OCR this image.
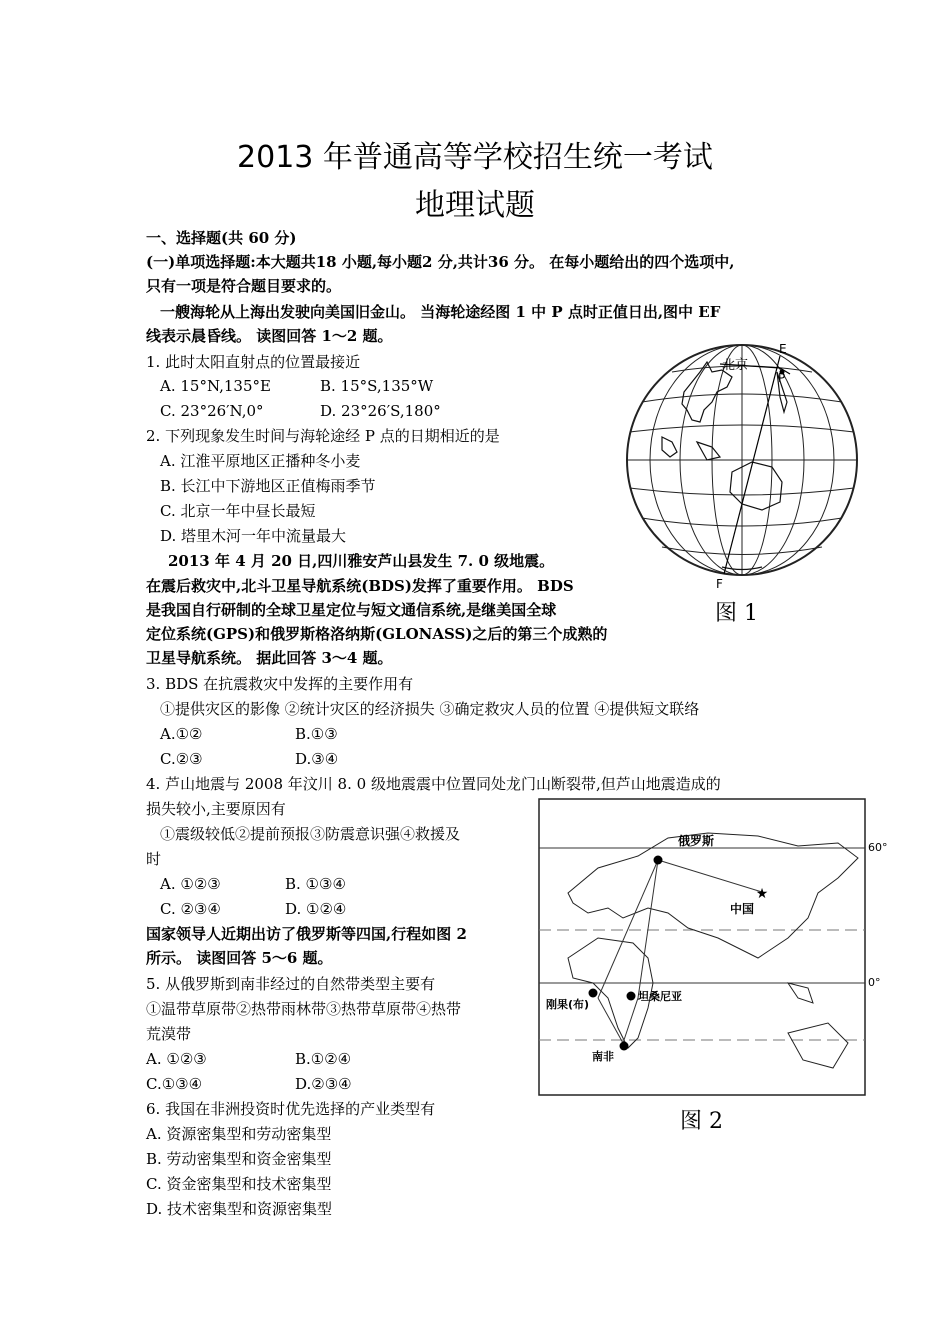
2013 年普通高等学校招生统一考试
地理试题
一、选择题(共 60 分)
(一)单项选择题:本大题共18 小题,每小题2 分,共计36 分。 在每小题给出的四个选项中,
只有一项是符合题目要求的。
一艘海轮从上海出发驶向美国旧金山。 当海轮途经图 1 中 P 点时正值日出,图中 EF
线表示晨昏线。 读图回答 1～2 题。
1. 此时太阳直射点的位置最接近
A. 15°N,135°E	B. 15°S,135°W
C. 23°26′N,0°	D. 23°26′S,180°
2. 下列现象发生时间与海轮途经 P 点的日期相近的是
A. 江淮平原地区正播种冬小麦
B. 长江中下游地区正值梅雨季节
C. 北京一年中昼长最短
D. 塔里木河一年中流量最大
2013 年 4 月 20 日,四川雅安芦山县发生 7. 0 级地震。
在震后救灾中,北斗卫星导航系统(BDS)发挥了重要作用。 BDS
是我国自行研制的全球卫星定位与短文通信系统,是继美国全球
定位系统(GPS)和俄罗斯格洛纳斯(GLONASS)之后的第三个成熟的
卫星导航系统。 据此回答 3～4 题。
3. BDS 在抗震救灾中发挥的主要作用有
①提供灾区的影像 ②统计灾区的经济损失 ③确定救灾人员的位置 ④提供短文联络
A.①②	B.①③
C.②③	D.③④
4. 芦山地震与 2008 年汶川 8. 0 级地震震中位置同处龙门山断裂带,但芦山地震造成的
损失较小,主要原因有
①震级较低②提前预报③防震意识强④救援及
时
A. ①②③	B. ①③④
C. ②③④	D. ①②④
国家领导人近期出访了俄罗斯等四国,行程如图 2
所示。 读图回答 5～6 题。
5. 从俄罗斯到南非经过的自然带类型主要有
①温带草原带②热带雨林带③热带草原带④热带
荒漠带
A. ①②③	B.①②④
C.①③④	D.②③④
6. 我国在非洲投资时优先选择的产业类型有
A. 资源密集型和劳动密集型
B. 劳动密集型和资金密集型
C. 资金密集型和技术密集型
D. 技术密集型和资源密集型
北京
E
P
F
图 1
★
俄罗斯
中国
刚果(布)
坦桑尼亚
南非
60°
0°
图 2
